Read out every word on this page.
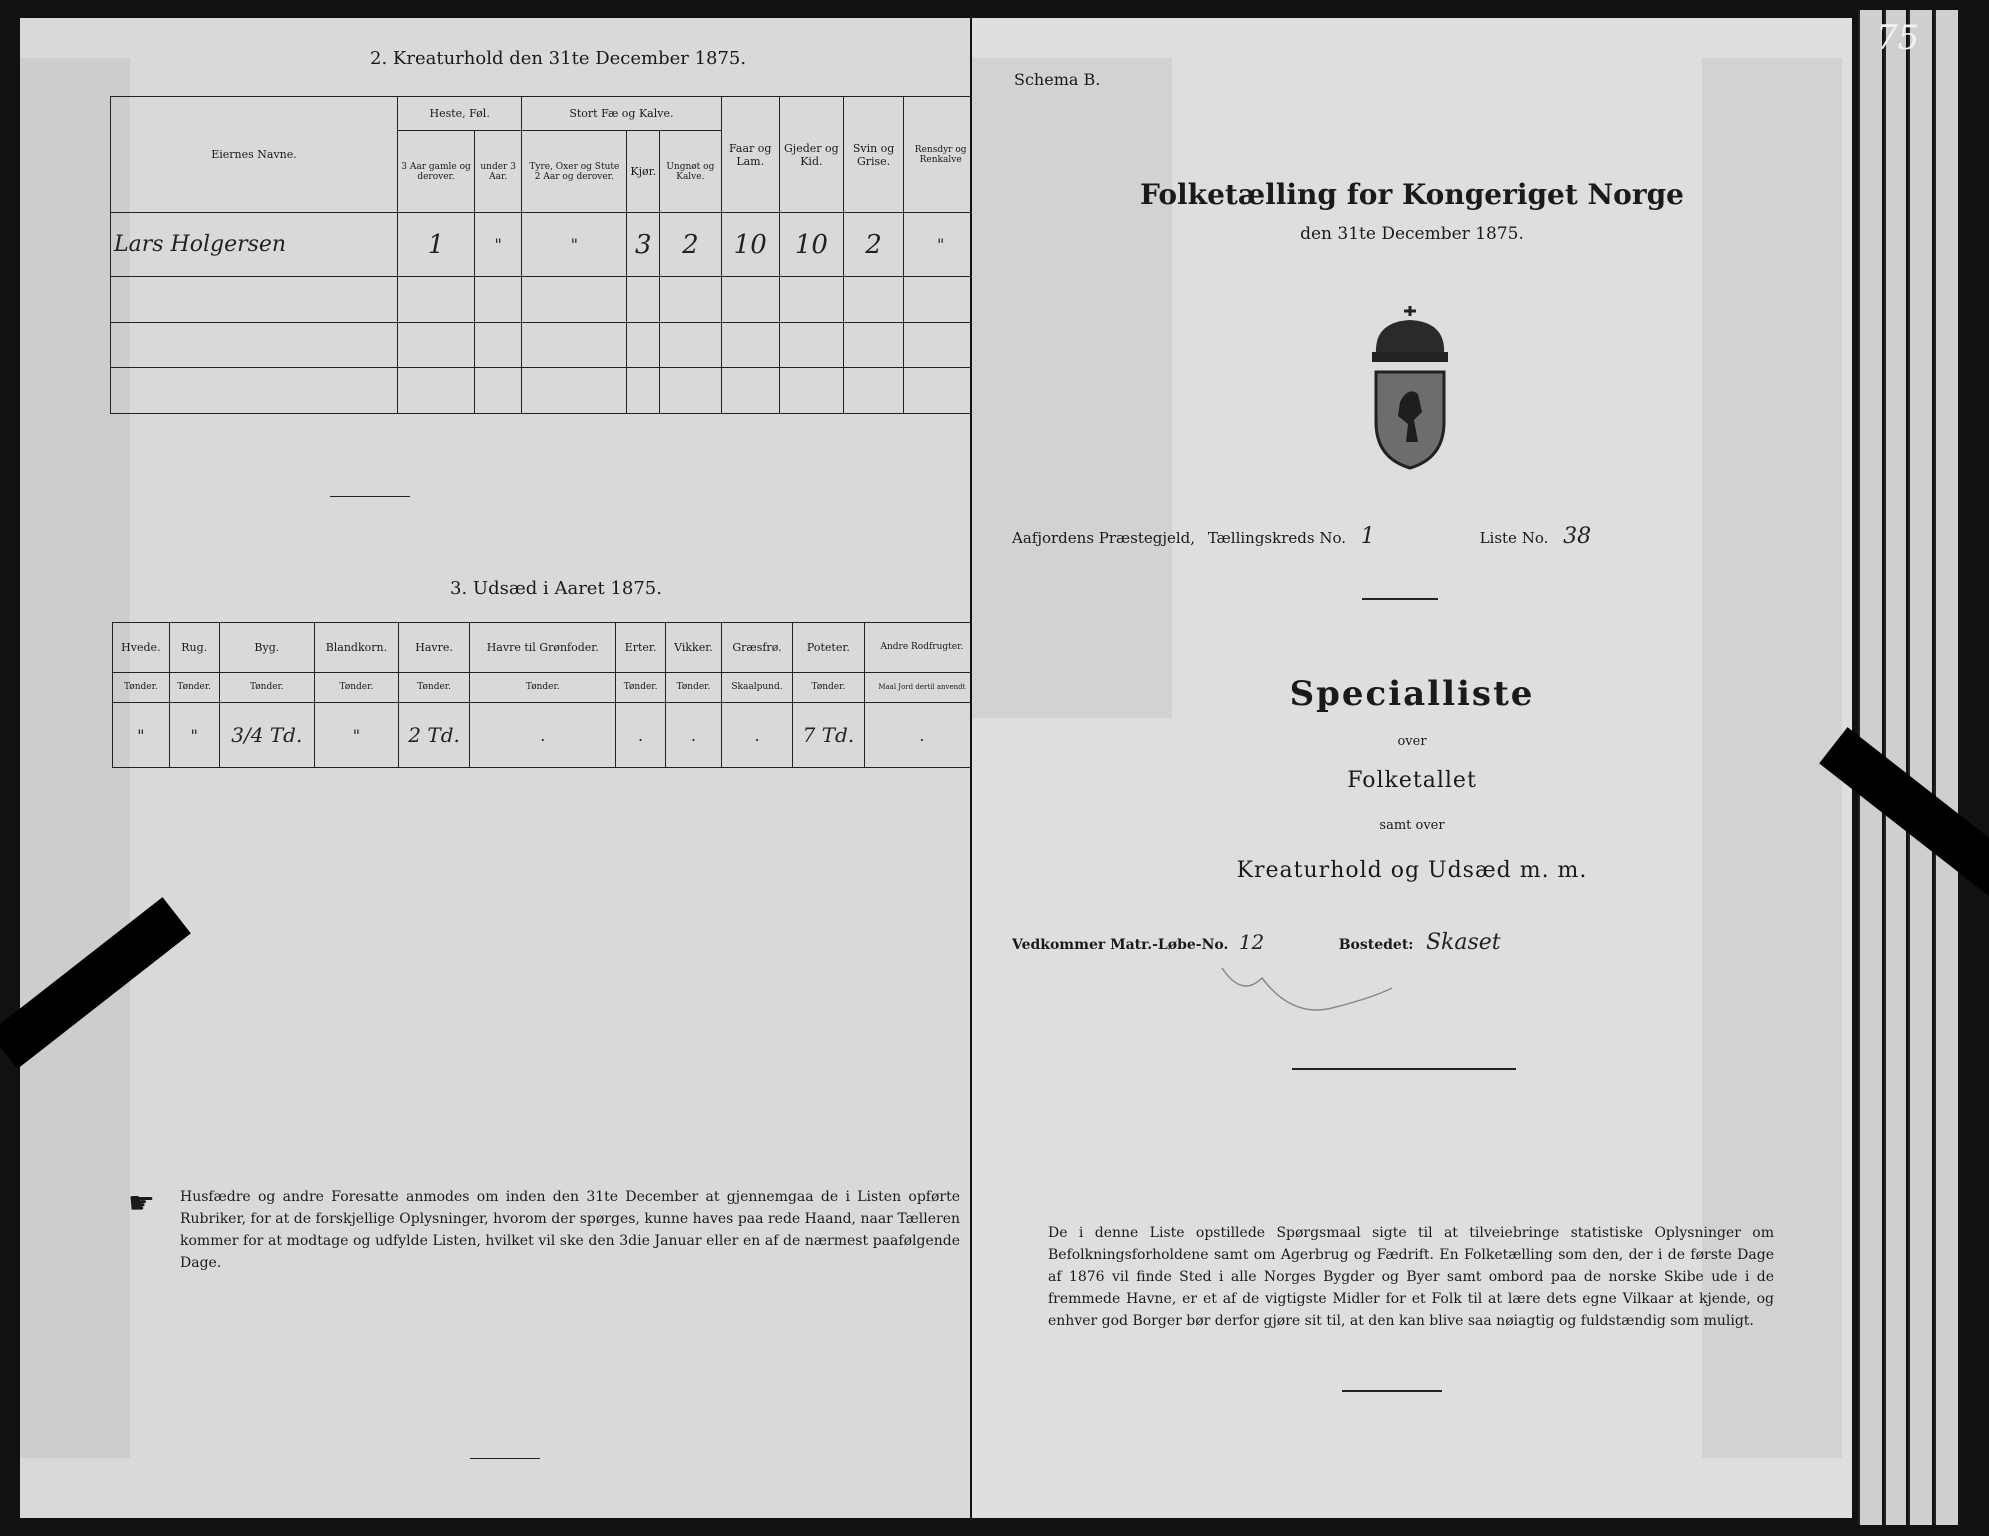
2. Kreaturhold den 31te December 1875.
Eiernes Navne.	Heste, Føl.		Stort Fæ og Kalve.			Faar og Lam.	Gjeder og Kid.	Svin og Grise.	Rensdyr og Renkalve
	3 Aar gamle og derover.	under 3 Aar.	Tyre, Oxer og Stute 2 Aar og derover.	Kjør.	Ungnøt og Kalve.				
Lars Holgersen	1	"	"	3	2	10	10	2	"

3. Udsæd i Aaret 1875.
Hvede.	Rug.	Byg.	Blandkorn.	Havre.	Havre til Grønfoder.	Erter.	Vikker.	Græsfrø.	Poteter.	Andre Rodfrugter.
Tønder.	Tønder.	Tønder.	Tønder.	Tønder.	Tønder.	Tønder.	Tønder.	Skaalpund.	Tønder.	Maal Jord dertil anvendt
"	"	3/4 Td.	"	2 Td.	.	.	.	.	7 Td.	.
☛ Husfædre og andre Foresatte anmodes om inden den 31te December at gjennemgaa de i Listen opførte Rubriker, for at de forskjellige Oplysninger, hvorom der spørges, kunne haves paa rede Haand, naar Tælleren kommer for at modtage og udfylde Listen, hvilket vil ske den 3die Januar eller en af de nærmest paafølgende Dage.
Schema B.
Folketælling for Kongeriget Norge
den 31te December 1875.
Aafjordens Præstegjeld, Tællingskreds No. 1	Liste No. 38
Specialliste
over
Folketallet
samt over
Kreaturhold og Udsæd m. m.
Vedkommer Matr.-Løbe-No. 12	Bostedet: Skaset
De i denne Liste opstillede Spørgsmaal sigte til at tilveiebringe statistiske Oplysninger om Befolkningsforholdene samt om Agerbrug og Fædrift. En Folketælling som den, der i de første Dage af 1876 vil finde Sted i alle Norges Bygder og Byer samt ombord paa de norske Skibe ude i de fremmede Havne, er et af de vigtigste Midler for et Folk til at lære dets egne Vilkaar at kjende, og enhver god Borger bør derfor gjøre sit til, at den kan blive saa nøiagtig og fuldstændig som muligt.
75
